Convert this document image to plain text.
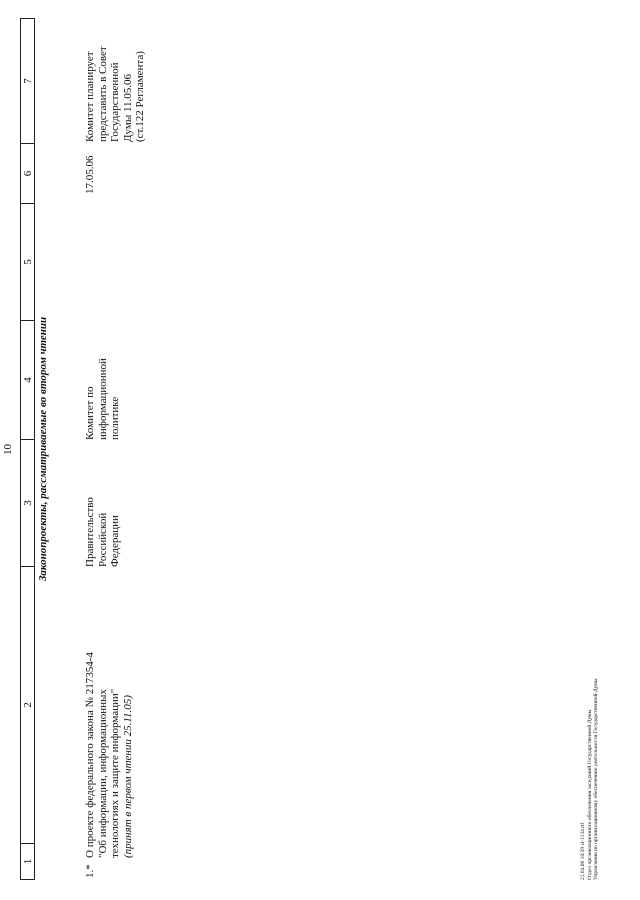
10
1
2
3
4
5
6
7
Законопроекты, рассматриваемые во втором чтении
1.*
О проекте федерального закона № 217354-4 "Об информации, информационных технологиях и защите информации" (принят в первом чтении 25.11.05)
Правительство Российской Федерации
Комитет по информационной политике
17.05.06
Комитет планирует представить в Совет Государственной Думы 11.05.06 (ст.122 Регламента)
21.04.06 18:39 sl-1134.rtf Отдел организационного обеспечения заседаний Государственной Думы Управления по организационному обеспечению деятельности Государственной Думы
